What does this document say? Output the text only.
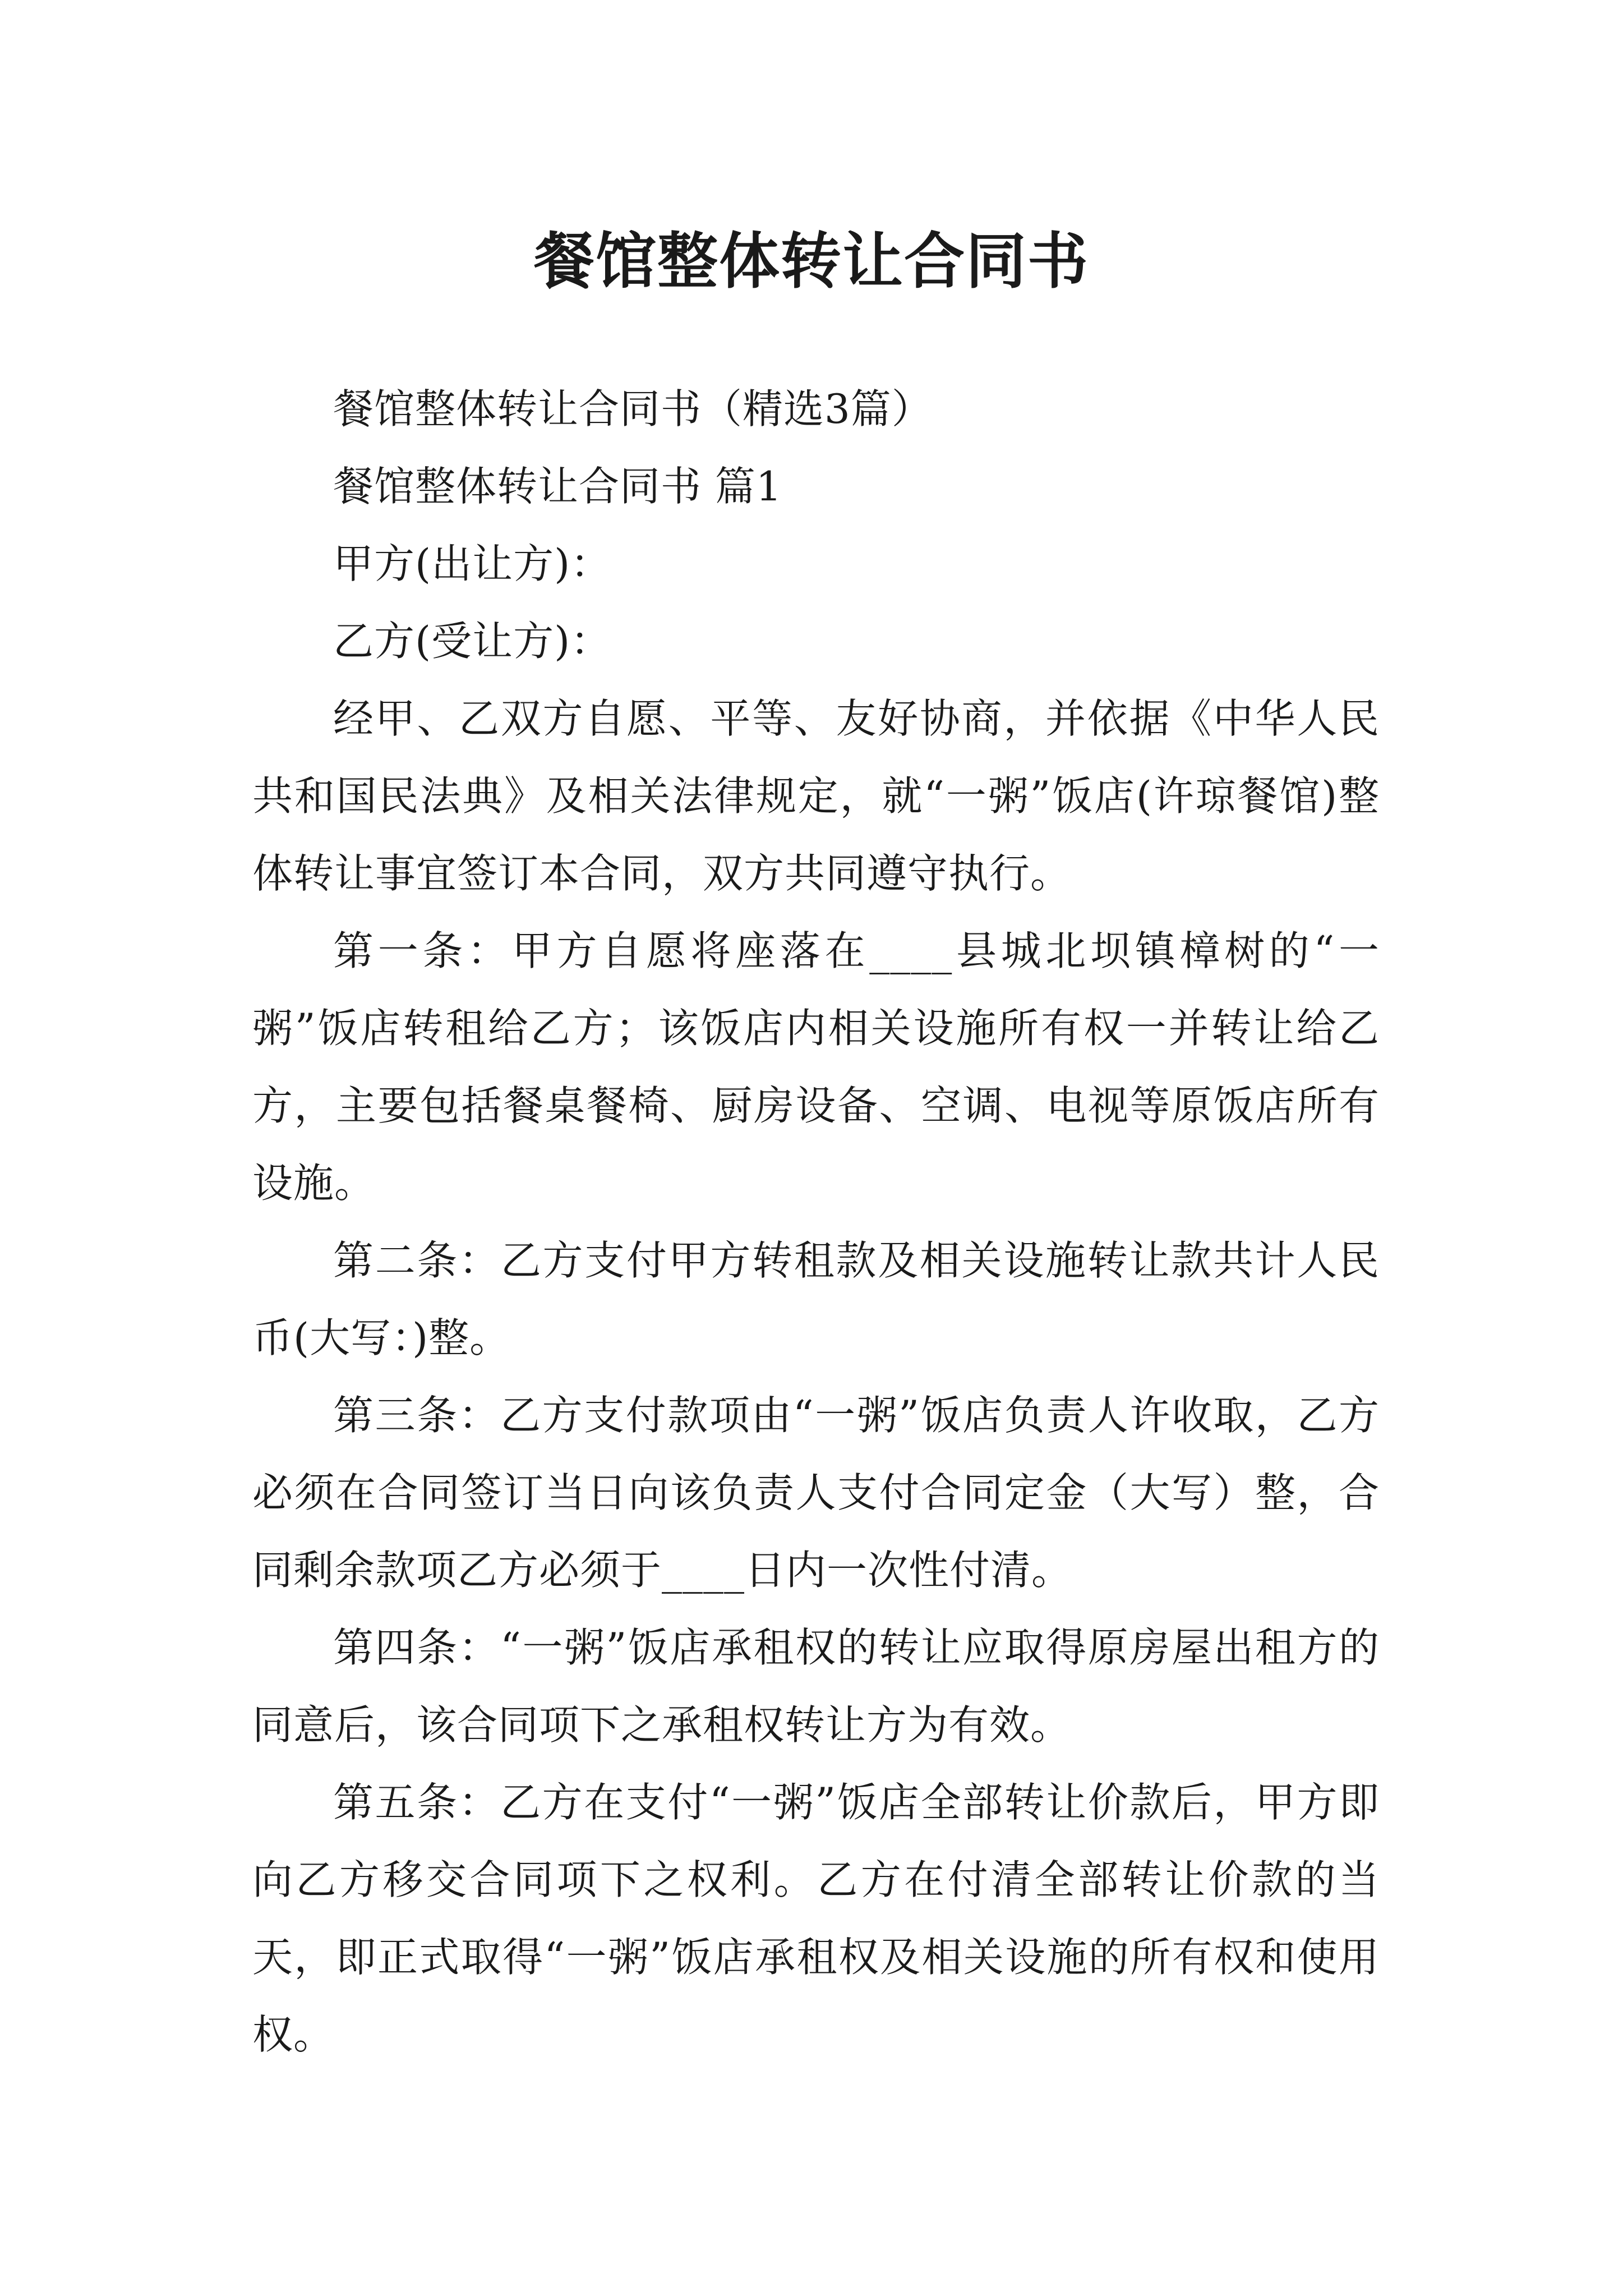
餐馆整体转让合同书

餐馆整体转让合同书（精选3篇）

餐馆整体转让合同书 篇1

甲方(出让方)：

乙方(受让方)：

经甲、乙双方自愿、平等、友好协商，并依据《中华人民共和国民法典》及相关法律规定，就“一粥”饭店(许琼餐馆)整体转让事宜签订本合同，双方共同遵守执行。

第一条：甲方自愿将座落在____县城北坝镇樟树的“一粥”饭店转租给乙方；该饭店内相关设施所有权一并转让给乙方，主要包括餐桌餐椅、厨房设备、空调、电视等原饭店所有设施。

第二条：乙方支付甲方转租款及相关设施转让款共计人民币(大写：)整。

第三条：乙方支付款项由“一粥”饭店负责人许收取，乙方必须在合同签订当日向该负责人支付合同定金（大写）整，合同剩余款项乙方必须于____日内一次性付清。

第四条：“一粥”饭店承租权的转让应取得原房屋出租方的同意后，该合同项下之承租权转让方为有效。

第五条：乙方在支付“一粥”饭店全部转让价款后，甲方即向乙方移交合同项下之权利。乙方在付清全部转让价款的当天，即正式取得“一粥”饭店承租权及相关设施的所有权和使用权。
